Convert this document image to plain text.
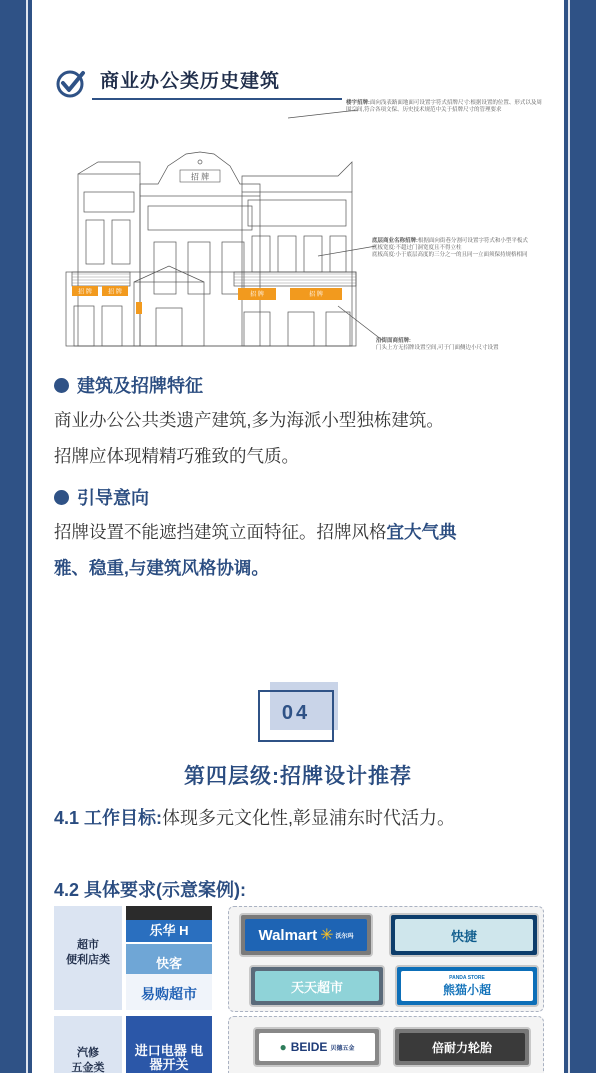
商业办公类历史建筑
招 牌
招 牌	招 牌	招 牌	招 牌
楼宇招牌:面向浅表路面地面可设置字符式招牌尺寸:根据设置的位置、形式以及周围空间,符合各项文保、历史技术规范中关于招牌尺寸的管理要求
底层商业名称招牌:根据面向街巷分割可设置字符式和小型平板式
底板宽度:不超过门洞宽度且不得立柱
底板高度:小于底层高度的三分之一的且同一立面须保持规格相同
沿街面商招牌:
门头上方无招牌设置空间,可于门面侧边小尺寸设置
建筑及招牌特征
商业办公公共类遗产建筑,多为海派小型独栋建筑。
招牌应体现精精巧雅致的气质。
引导意向
招牌设置不能遮挡建筑立面特征。招牌风格宜大气典
雅、稳重,与建筑风格协调。
04
第四层级:招牌设计推荐
4.1 工作目标:体现多元文化性,彰显浦东时代活力。
4.2 具体要求(示意案例):
超市
便利店类
乐华 H
快客
易购超市
Walmart ✳ 沃尔玛	快捷
天天超市
PANDA STORE
熊猫小超
汽修
五金类
进口电器 电器开关
● BEIDE 贝德五金	倍耐力轮胎
